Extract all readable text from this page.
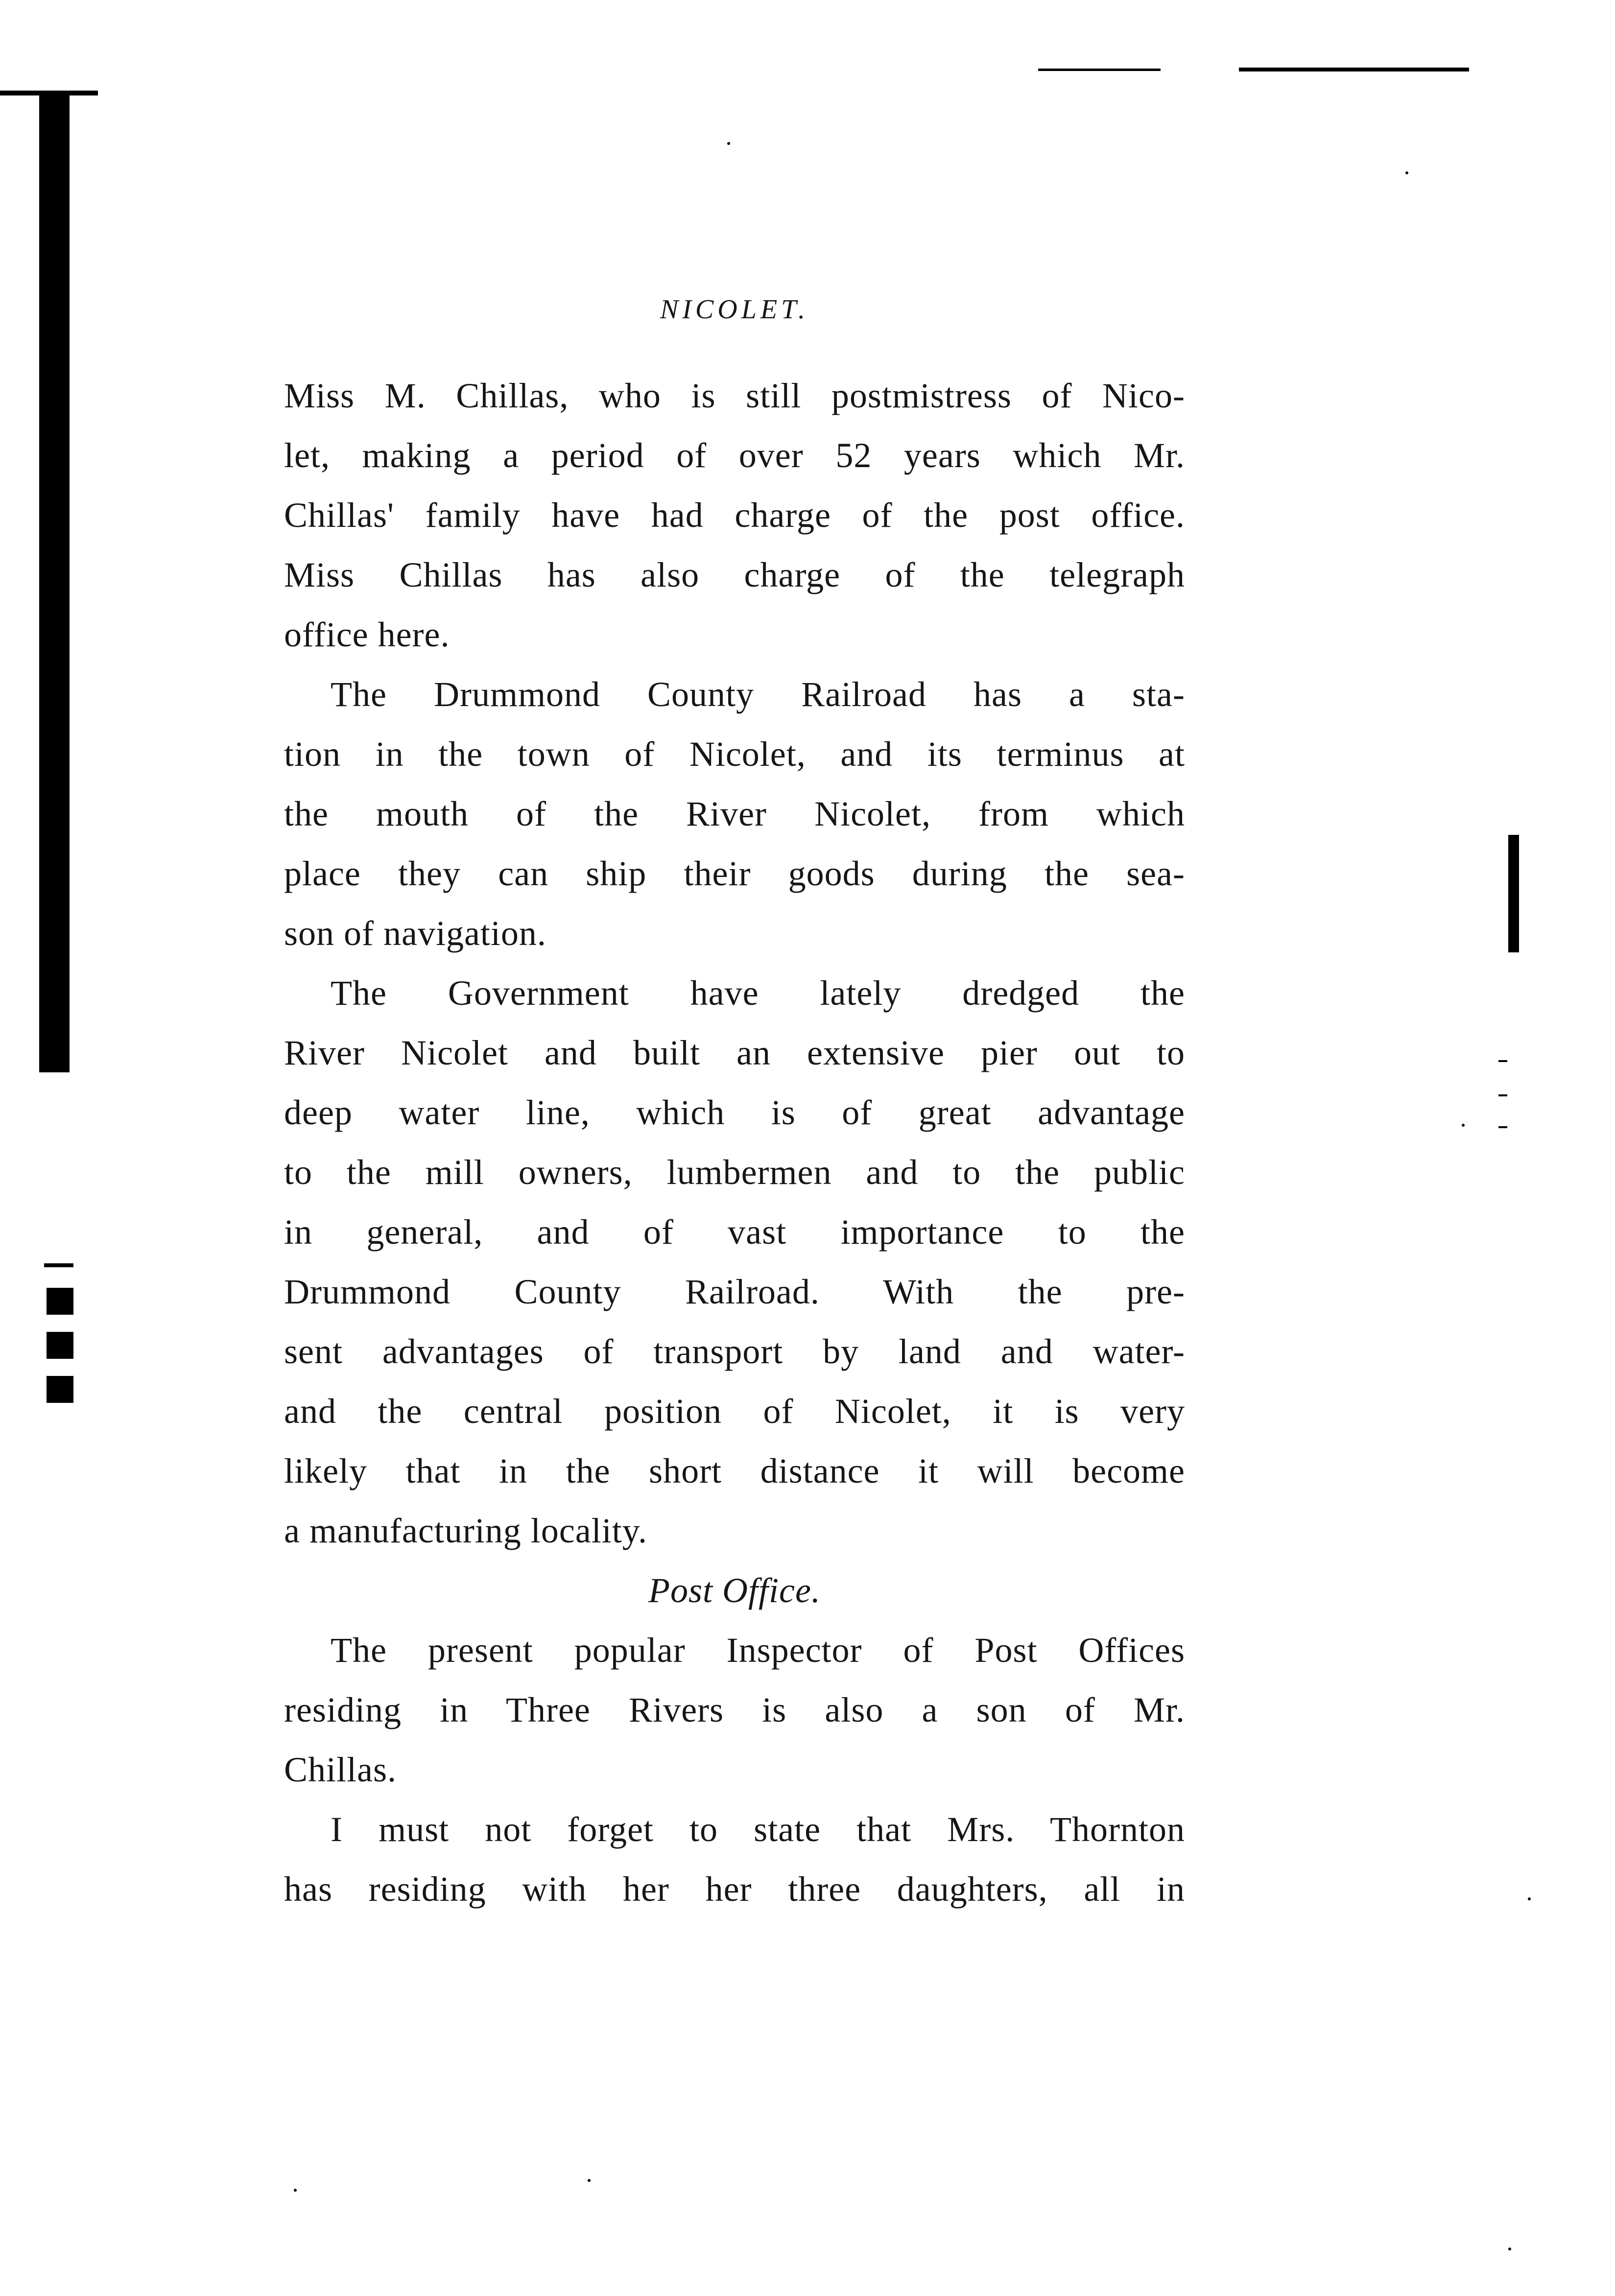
NICOLET.
Miss M. Chillas, who is still postmistress of Nico-
let, making a period of over 52 years which Mr.
Chillas' family have had charge of the post office.
Miss Chillas has also charge of the telegraph
office here.
The Drummond County Railroad has a sta-
tion in the town of Nicolet, and its terminus at
the mouth of the River Nicolet, from which
place they can ship their goods during the sea-
son of navigation.
The Government have lately dredged the
River Nicolet and built an extensive pier out to
deep water line, which is of great advantage
to the mill owners, lumbermen and to the public
in general, and of vast importance to the
Drummond County Railroad. With the pre-
sent advantages of transport by land and water-
and the central position of Nicolet, it is very
likely that in the short distance it will become
a manufacturing locality.
Post Office.
The present popular Inspector of Post Offices
residing in Three Rivers is also a son of Mr.
Chillas.
I must not forget to state that Mrs. Thornton
has residing with her her three daughters, all in
